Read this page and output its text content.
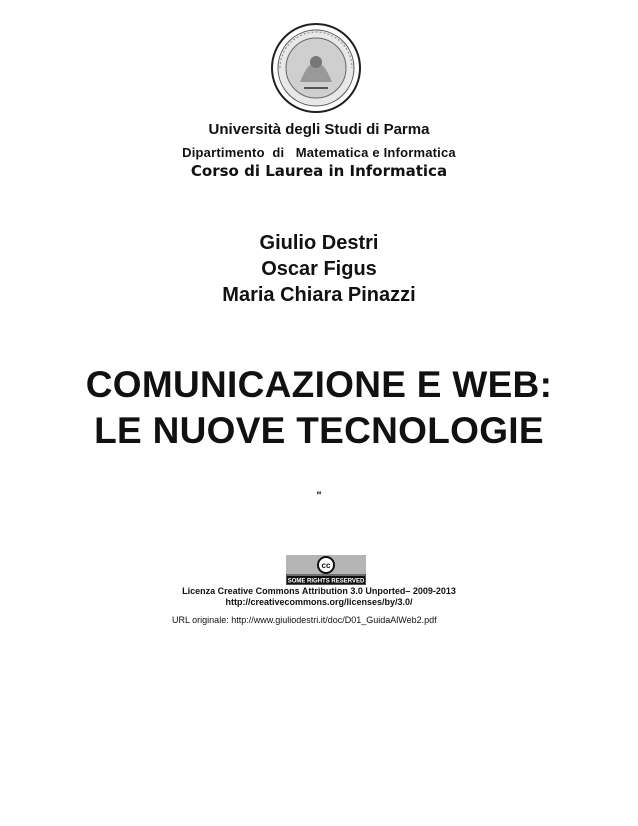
Università degli Studi di Parma
Dipartimento  di   Matematica e Informatica
Corso di Laurea in Informatica
Giulio Destri
Oscar Figus
Maria Chiara Pinazzi
COMUNICAZIONE E WEB:
LE NUOVE TECNOLOGIE
"
cc
SOME RIGHTS RESERVED
Licenza Creative Commons Attribution 3.0 Unported– 2009-2013
http://creativecommons.org/licenses/by/3.0/
URL originale: http://www.giuliodestri.it/doc/D01_GuidaAlWeb2.pdf
